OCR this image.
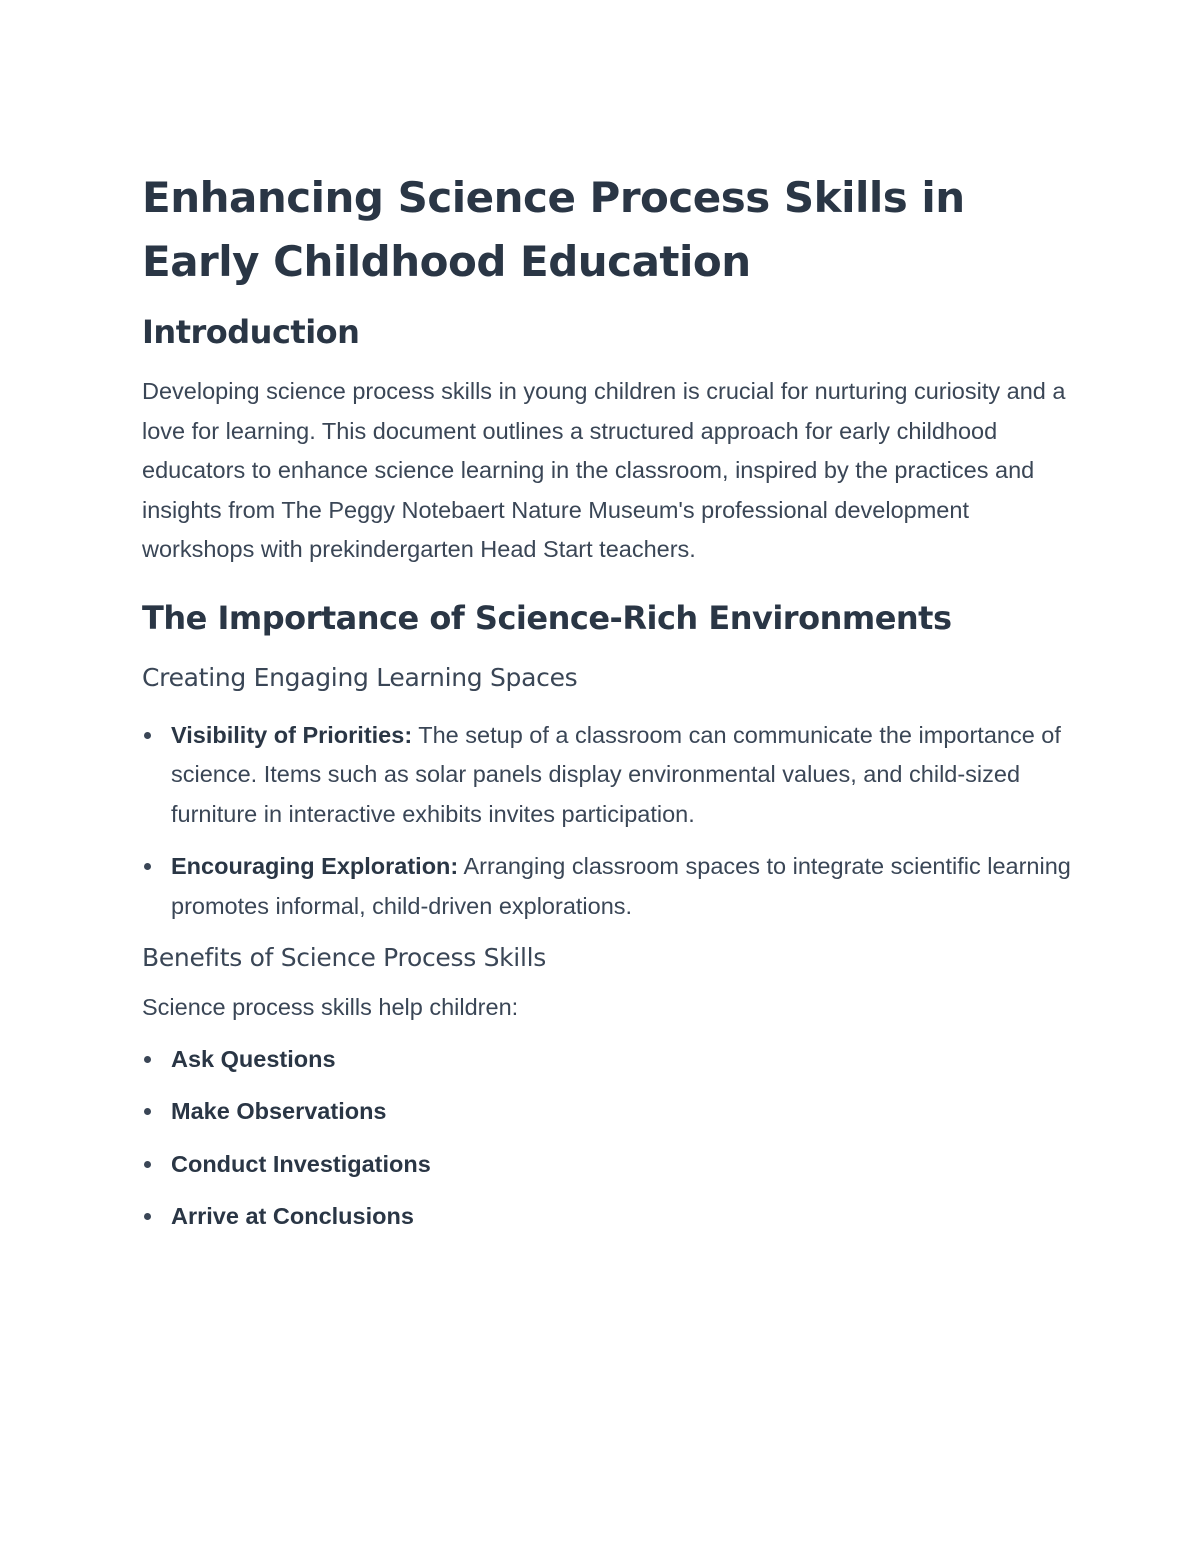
Enhancing Science Process Skills in Early Childhood Education
Introduction

Developing science process skills in young children is crucial for nurturing curiosity and a love for learning. This document outlines a structured approach for early childhood educators to enhance science learning in the classroom, inspired by the practices and insights from The Peggy Notebaert Nature Museum's professional development workshops with prekindergarten Head Start teachers.

The Importance of Science-Rich Environments
Creating Engaging Learning Spaces
Visibility of Priorities: The setup of a classroom can communicate the importance of science. Items such as solar panels display environmental values, and child-sized furniture in interactive exhibits invites participation.
Encouraging Exploration: Arranging classroom spaces to integrate scientific learning promotes informal, child-driven explorations.
Benefits of Science Process Skills

Science process skills help children:

Ask Questions
Make Observations
Conduct Investigations
Arrive at Conclusions
